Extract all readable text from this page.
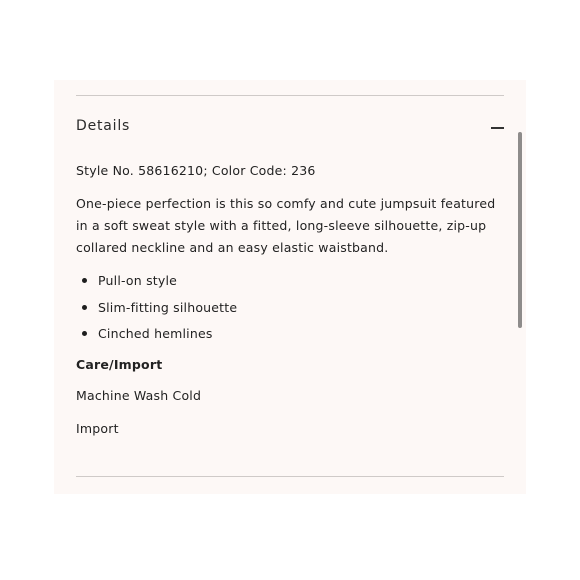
Details

Style No. 58616210; Color Code: 236

One-piece perfection is this so comfy and cute jumpsuit featured in a soft sweat style with a fitted, long-sleeve silhouette, zip-up collared neckline and an easy elastic waistband.

Pull-on style
Slim-fitting silhouette
Cinched hemlines

Care/Import

Machine Wash Cold

Import
